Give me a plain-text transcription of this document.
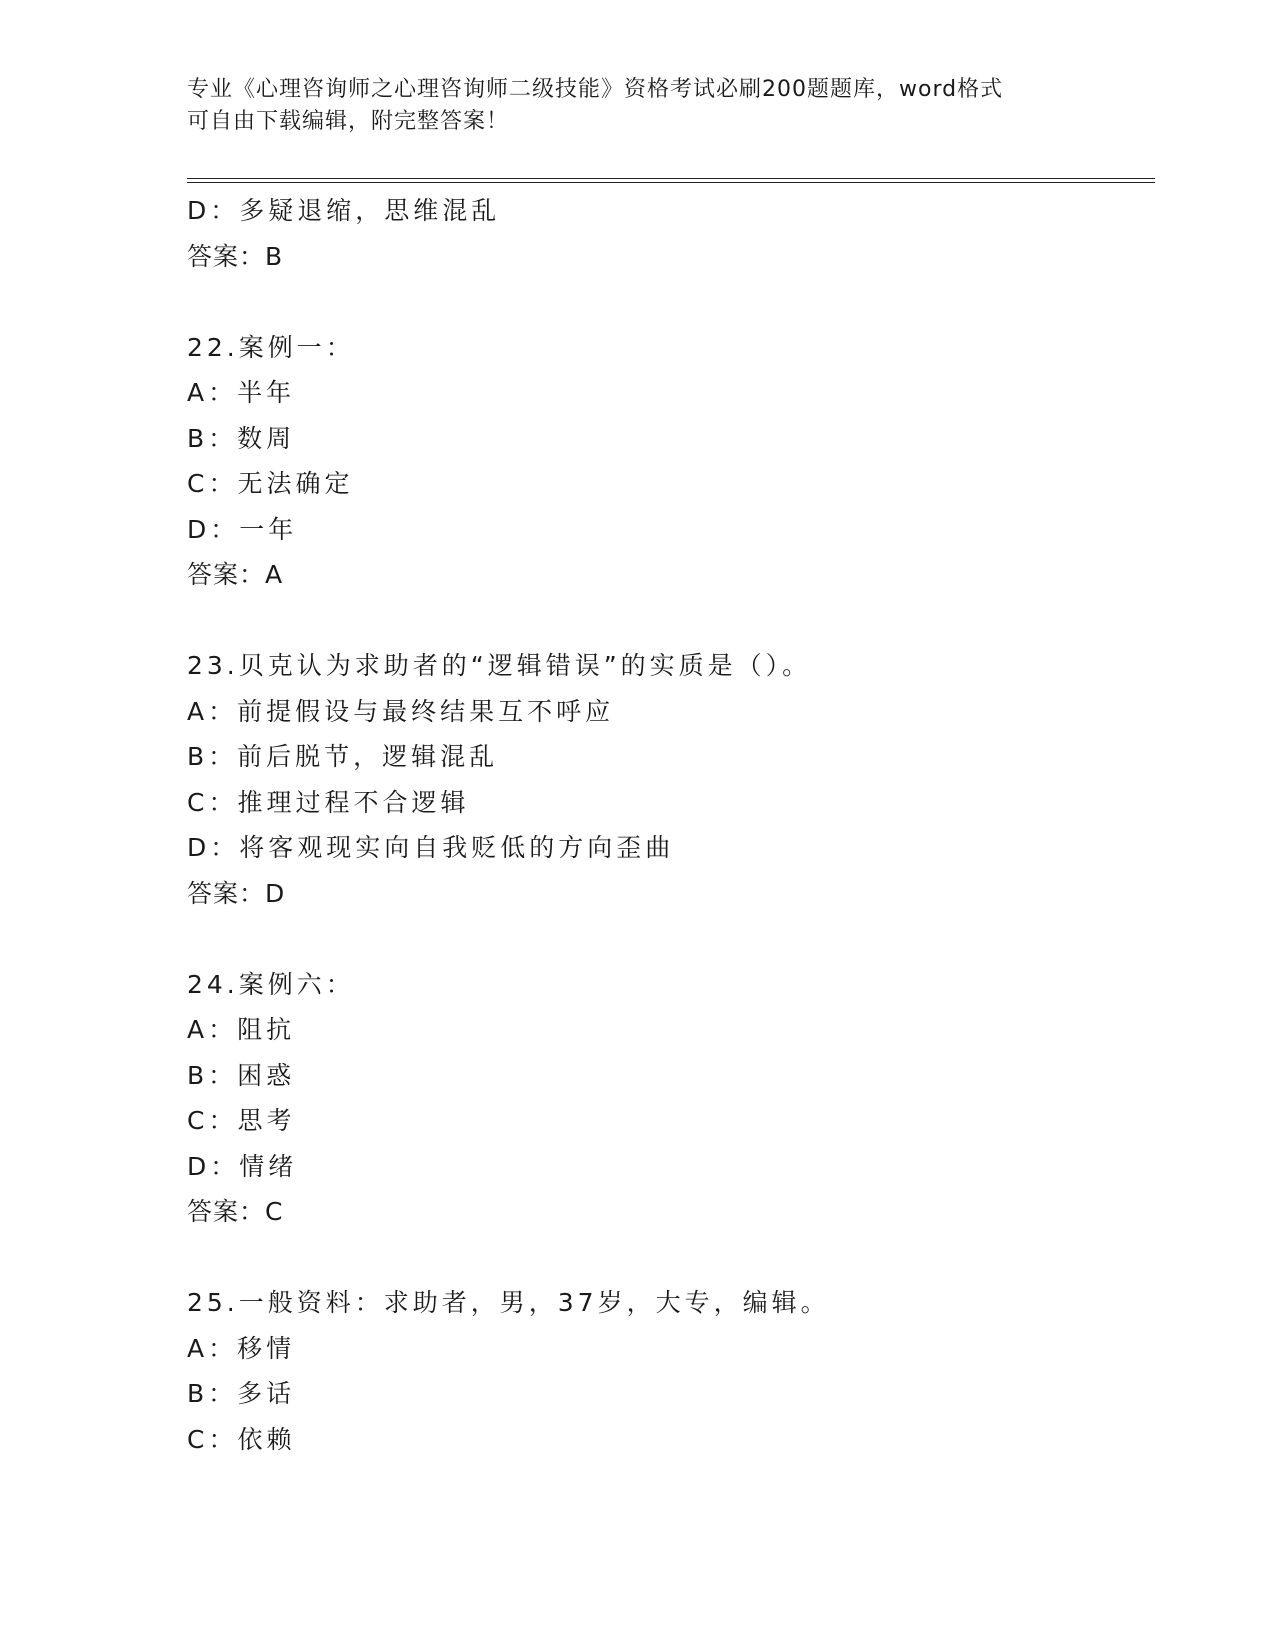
专业《心理咨询师之心理咨询师二级技能》资格考试必刷200题题库，word格式
可自由下载编辑，附完整答案！
D：多疑退缩，思维混乱
答案：B
22.案例一：
A：半年
B：数周
C：无法确定
D：一年
答案：A
23.贝克认为求助者的“逻辑错误”的实质是（）。
A：前提假设与最终结果互不呼应
B：前后脱节，逻辑混乱
C：推理过程不合逻辑
D：将客观现实向自我贬低的方向歪曲
答案：D
24.案例六：
A：阻抗
B：困惑
C：思考
D：情绪
答案：C
25.一般资料：求助者，男，37岁，大专，编辑。
A：移情
B：多话
C：依赖
